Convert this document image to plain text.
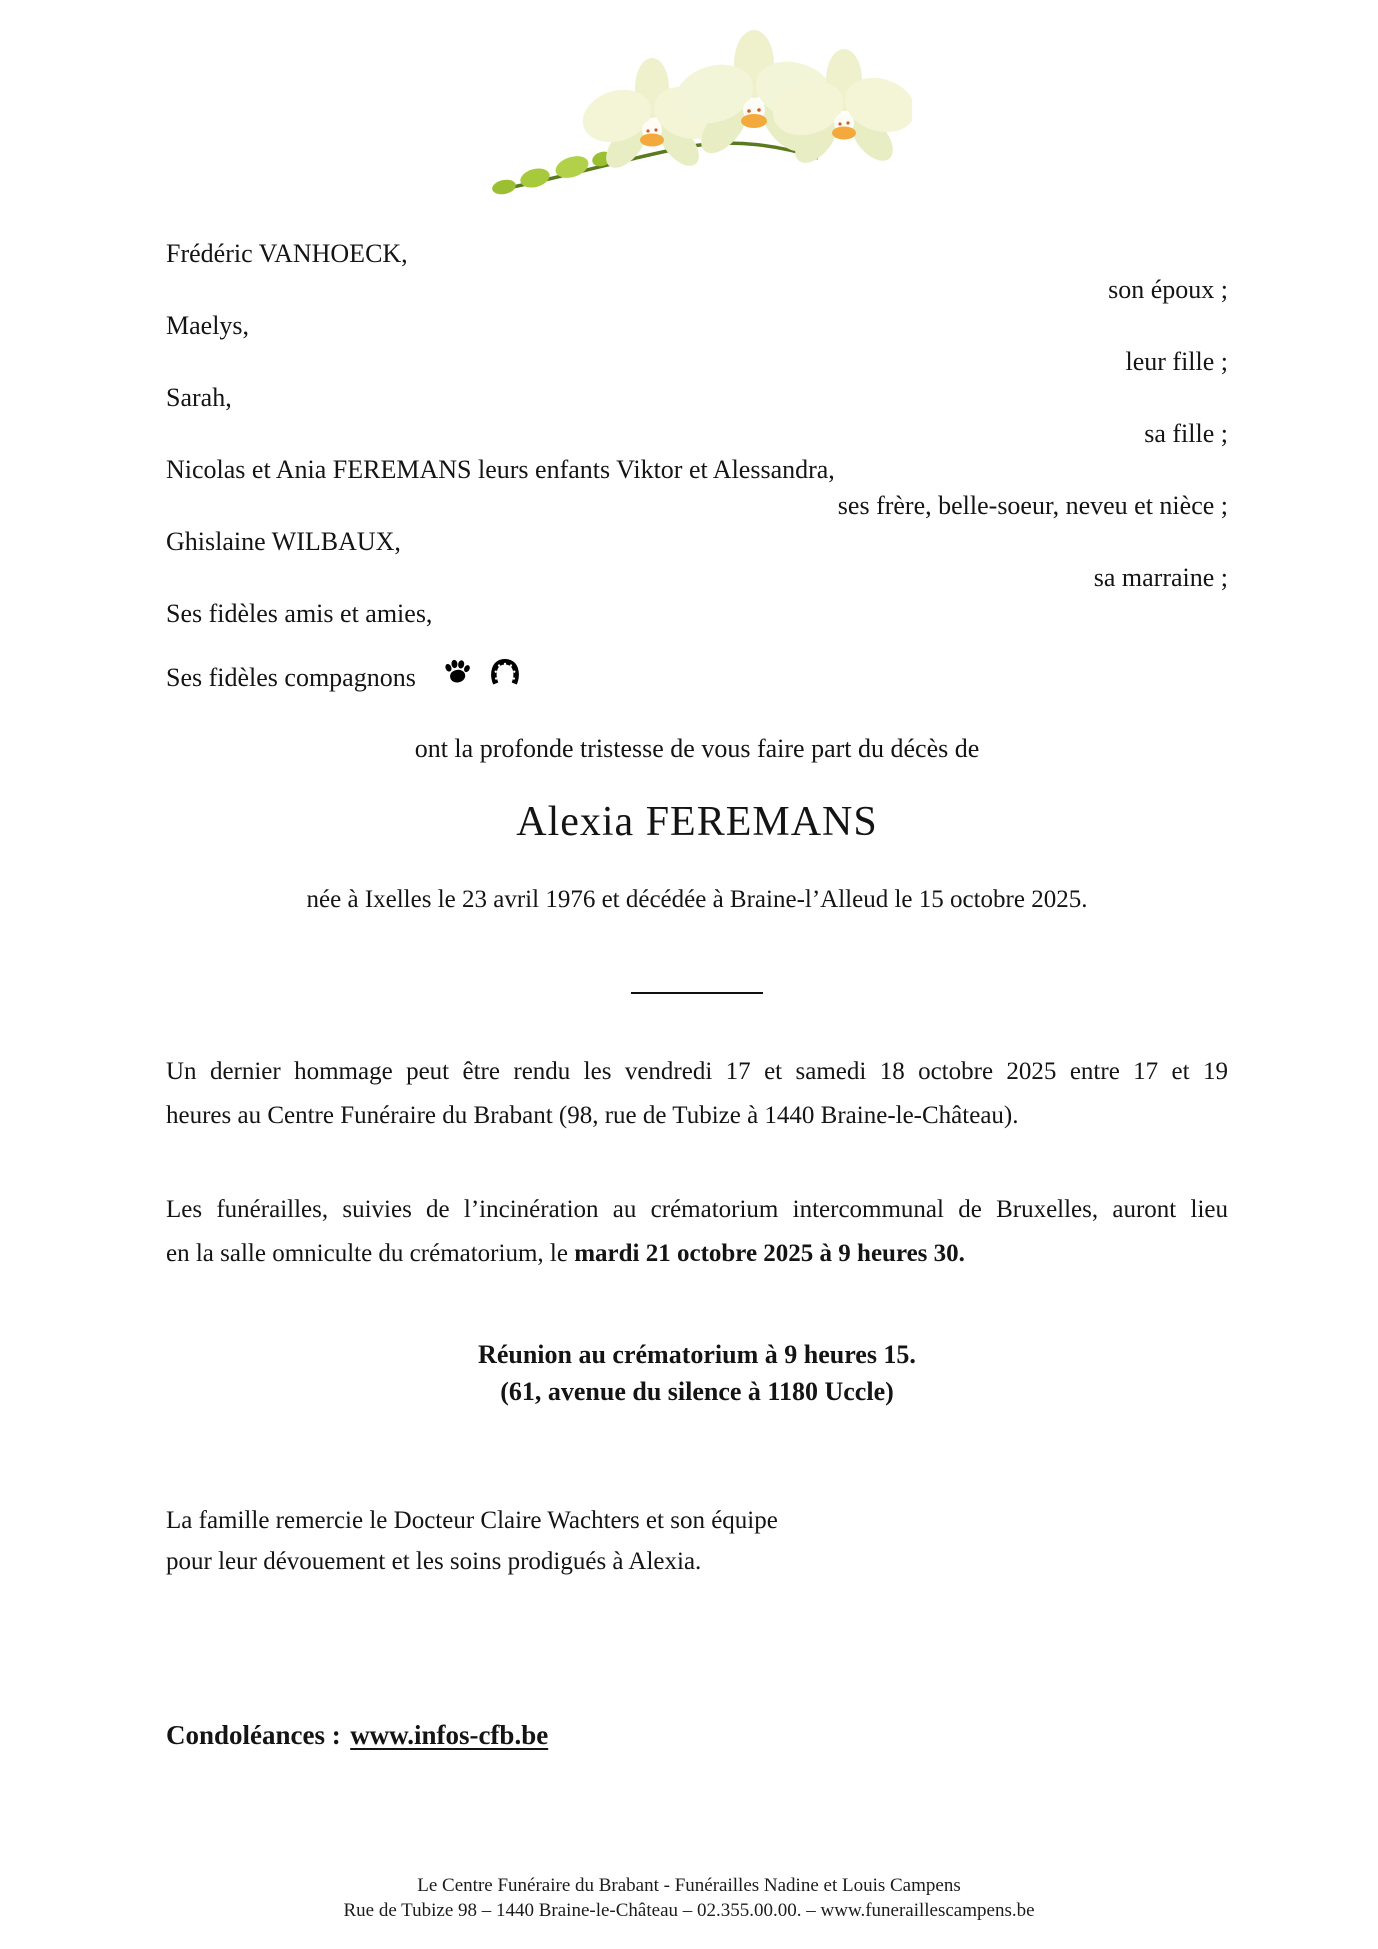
Frédéric VANHOECK,
son époux ;
Maelys,
leur fille ;
Sarah,
sa fille ;
Nicolas et Ania FEREMANS leurs enfants Viktor et Alessandra,
ses frère, belle-soeur, neveu et nièce ;
Ghislaine WILBAUX,
sa marraine ;
Ses fidèles amis et amies,
Ses fidèles compagnons
ont la profonde tristesse de vous faire part du décès de
Alexia FEREMANS
née à Ixelles le 23 avril 1976 et décédée à Braine-l’Alleud le 15 octobre 2025.
Un dernier hommage peut être rendu les vendredi 17 et samedi 18 octobre 2025 entre 17 et 19
heures au Centre Funéraire du Brabant (98, rue de Tubize à 1440 Braine-le-Château).
Les funérailles, suivies de l’incinération au crématorium intercommunal de Bruxelles, auront lieu
en la salle omniculte du crématorium, le mardi 21 octobre 2025 à 9 heures 30.
Réunion au crématorium à 9 heures 15.
(61, avenue du silence à 1180 Uccle)
La famille remercie le Docteur Claire Wachters et son équipe
pour leur dévouement et les soins prodigués à Alexia.
Condoléances : www.infos-cfb.be
Le Centre Funéraire du Brabant - Funérailles Nadine et Louis Campens
Rue de Tubize 98 – 1440 Braine-le-Château – 02.355.00.00. – www.funeraillescampens.be
